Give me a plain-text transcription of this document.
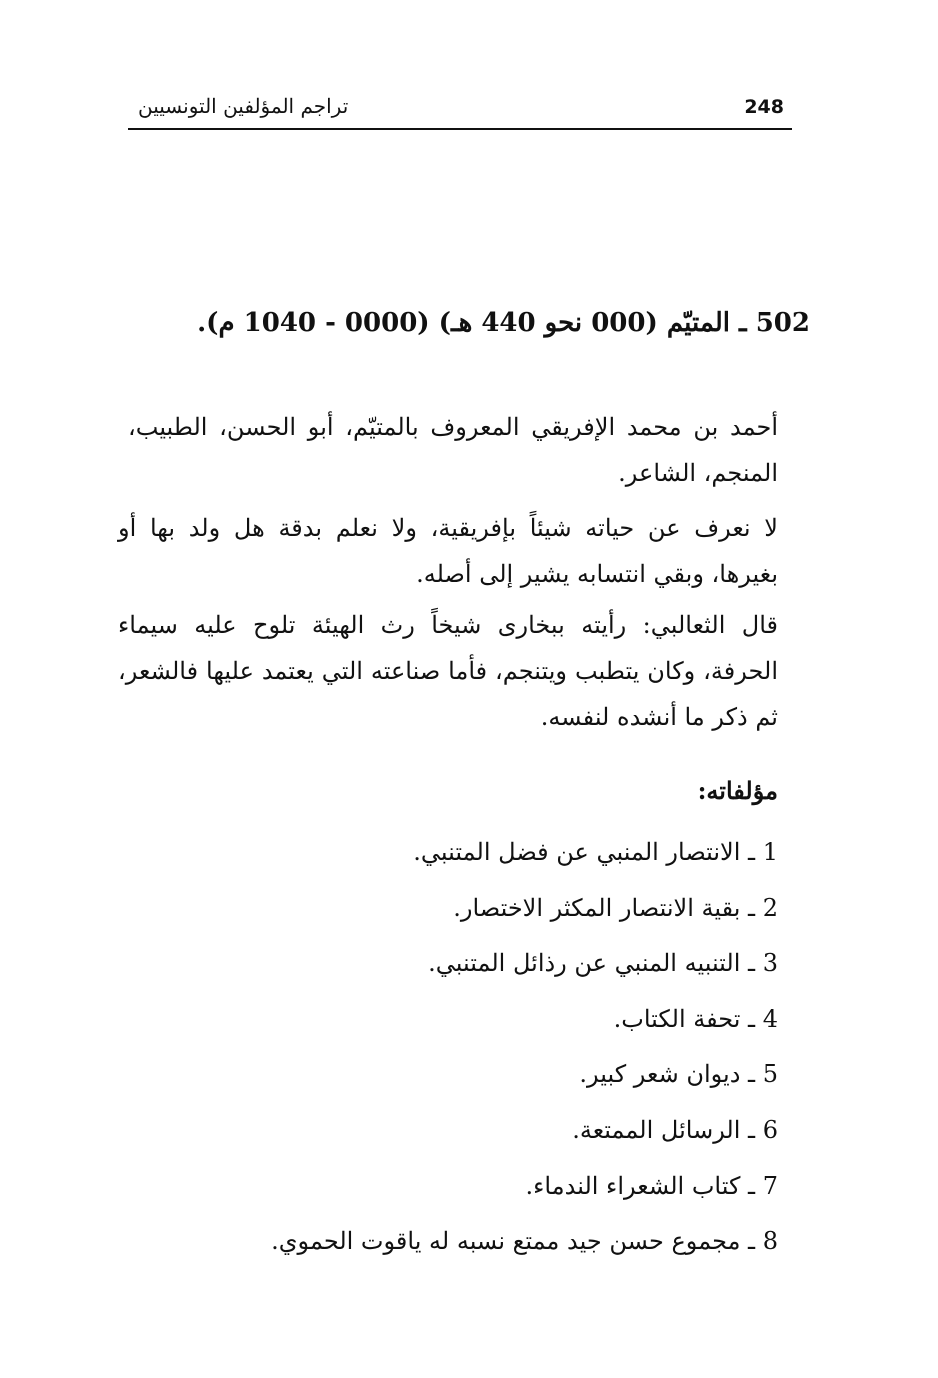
248
تراجم المؤلفين التونسيين
502 ـ المتيّم (000 نحو 440 هـ) (0000 - 1040 م).
أحمد بن محمد الإفريقي المعروف بالمتيّم، أبو الحسن، الطبيب، المنجم، الشاعر.
لا نعرف عن حياته شيئاً بإفريقية، ولا نعلم بدقة هل ولد بها أو بغيرها، وبقي انتسابه يشير إلى أصله.
قال الثعالبي: رأيته ببخارى شيخاً رث الهيئة تلوح عليه سيماء الحرفة، وكان يتطبب ويتنجم، فأما صناعته التي يعتمد عليها فالشعر، ثم ذكر ما أنشده لنفسه.
مؤلفاته:
1 ـ الانتصار المنبي عن فضل المتنبي.
2 ـ بقية الانتصار المكثر الاختصار.
3 ـ التنبيه المنبي عن رذائل المتنبي.
4 ـ تحفة الكتاب.
5 ـ ديوان شعر كبير.
6 ـ الرسائل الممتعة.
7 ـ كتاب الشعراء الندماء.
8 ـ مجموع حسن جيد ممتع نسبه له ياقوت الحموي.
